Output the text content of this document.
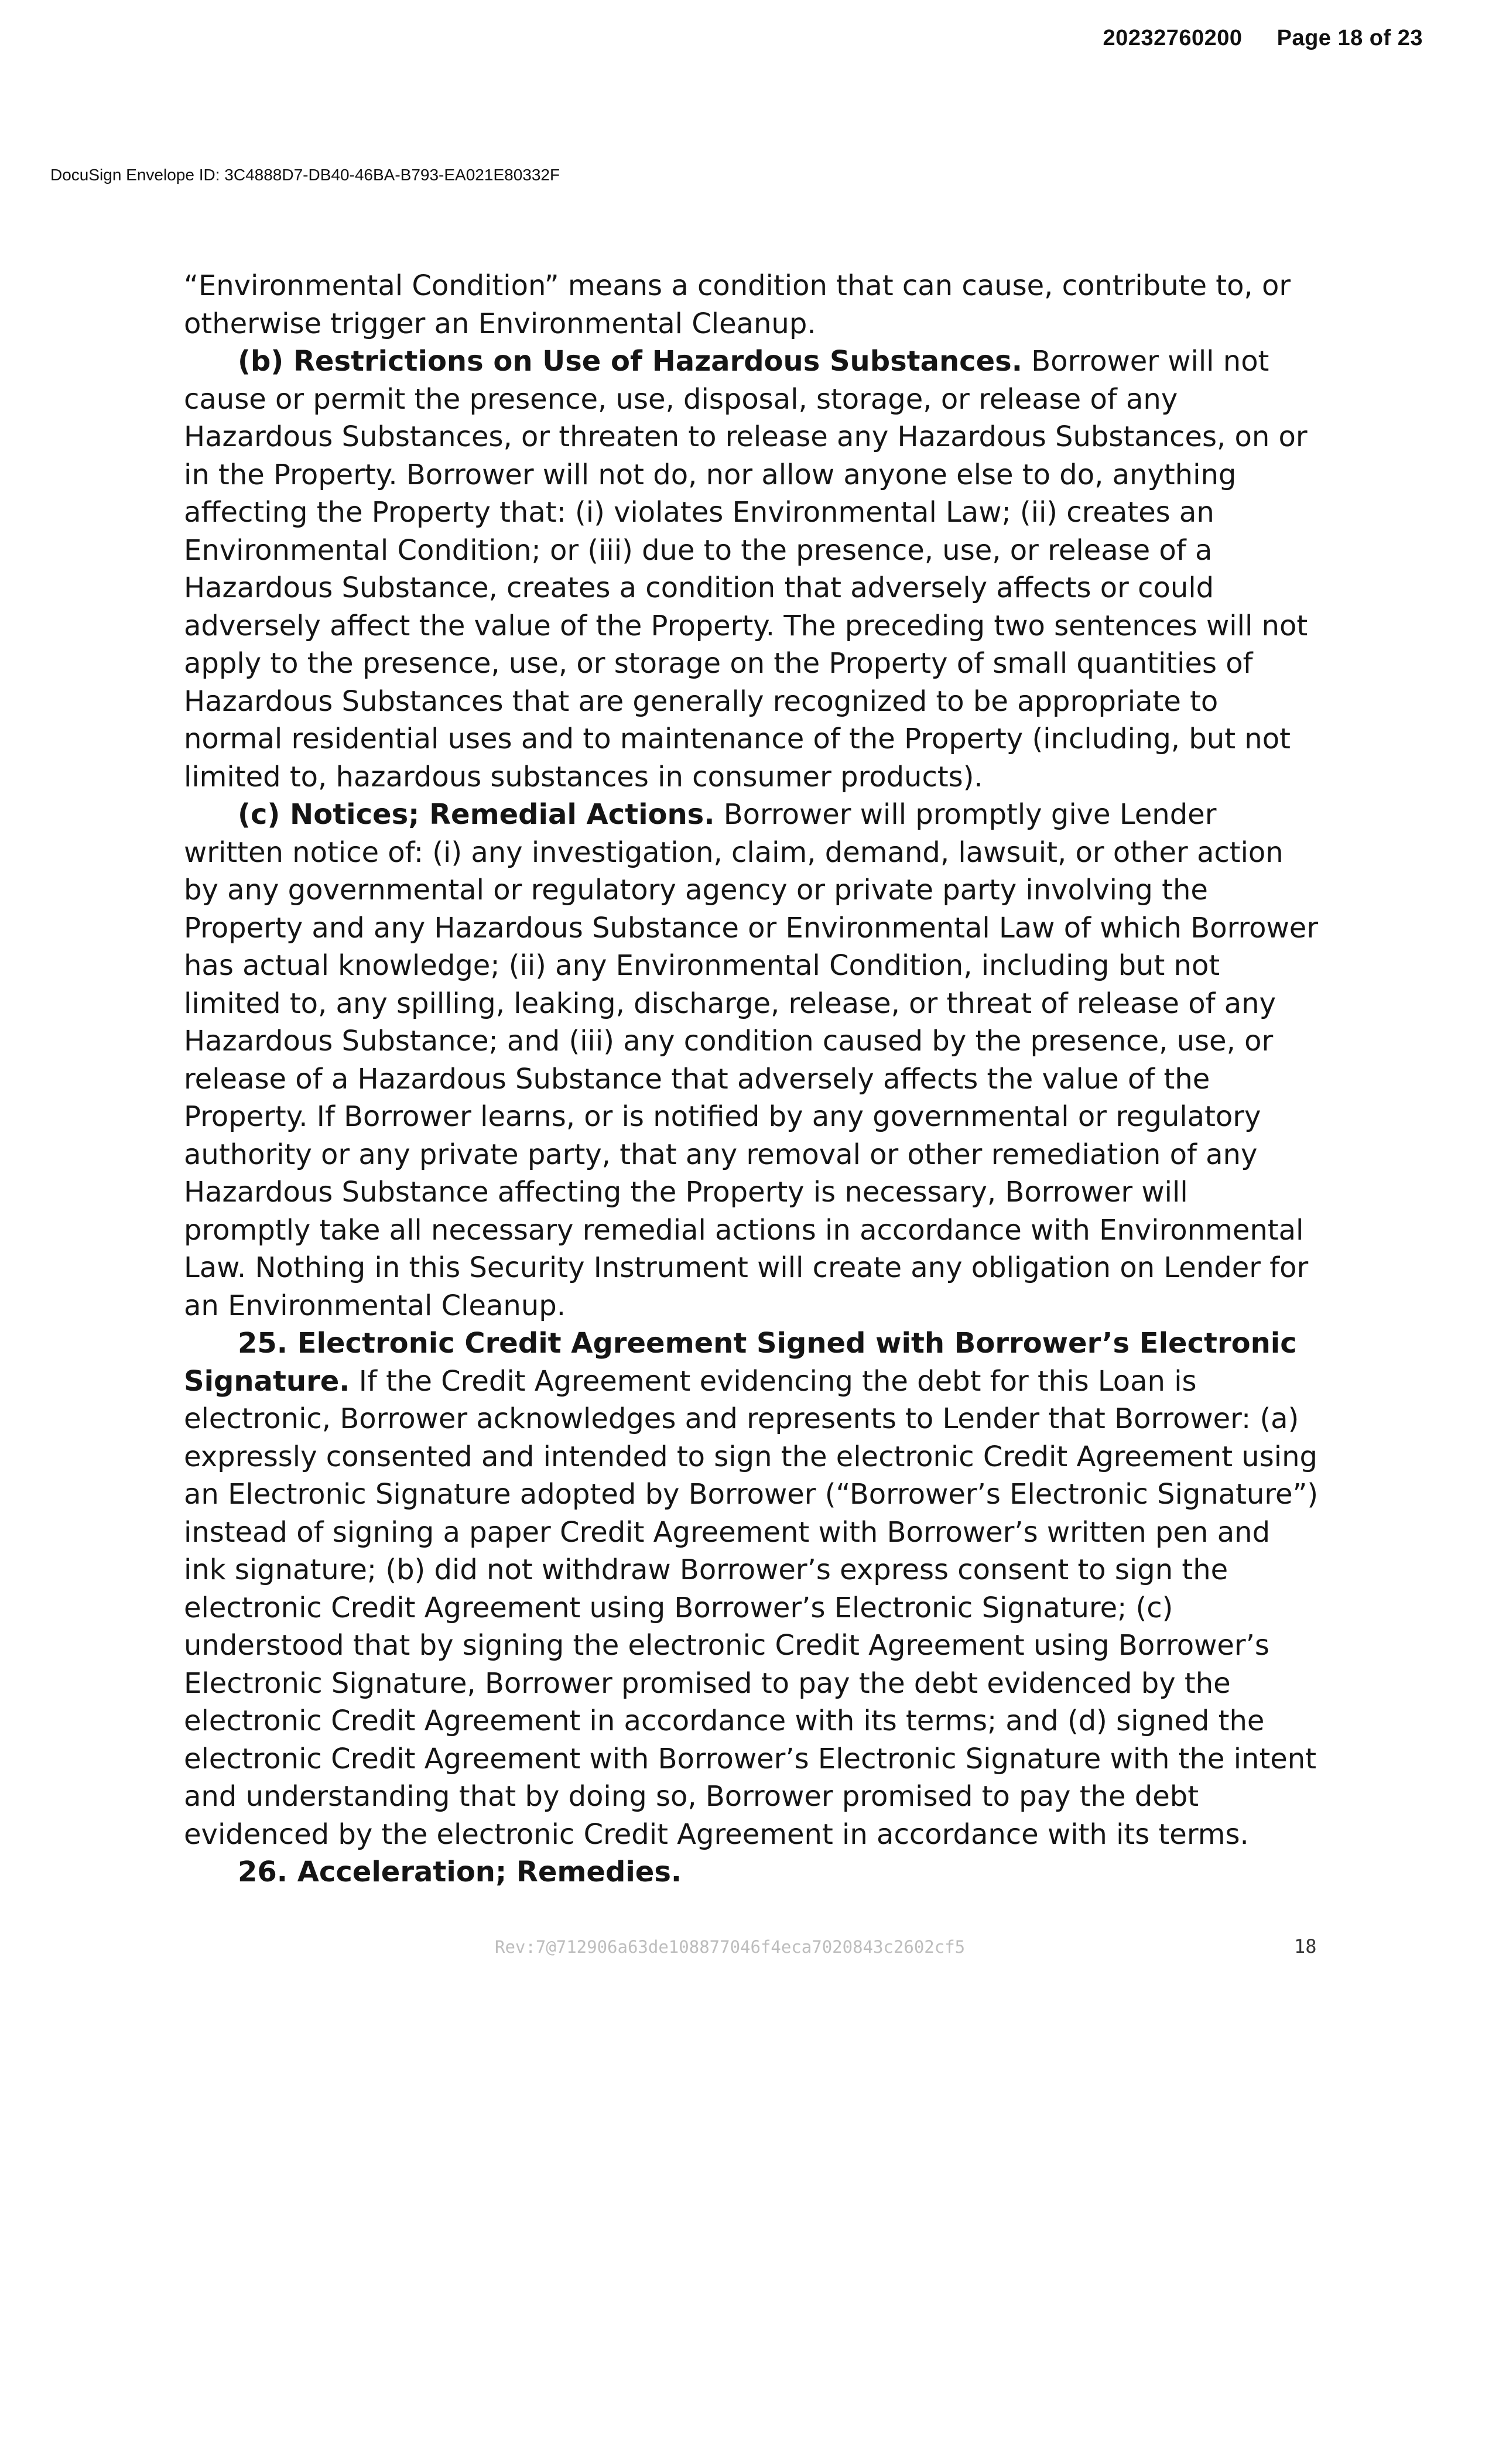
20232760200 Page 18 of 23
DocuSign Envelope ID: 3C4888D7-DB40-46BA-B793-EA021E80332F

“Environmental Condition” means a condition that can cause, contribute to, or otherwise trigger an Environmental Cleanup.

(b) Restrictions on Use of Hazardous Substances. Borrower will not cause or permit the presence, use, disposal, storage, or release of any Hazardous Substances, or threaten to release any Hazardous Substances, on or in the Property. Borrower will not do, nor allow anyone else to do, anything affecting the Property that: (i) violates Environmental Law; (ii) creates an Environmental Condition; or (iii) due to the presence, use, or release of a Hazardous Substance, creates a condition that adversely affects or could adversely affect the value of the Property. The preceding two sentences will not apply to the presence, use, or storage on the Property of small quantities of Hazardous Substances that are generally recognized to be appropriate to normal residential uses and to maintenance of the Property (including, but not limited to, hazardous substances in consumer products).

(c) Notices; Remedial Actions. Borrower will promptly give Lender written notice of: (i) any investigation, claim, demand, lawsuit, or other action by any governmental or regulatory agency or private party involving the Property and any Hazardous Substance or Environmental Law of which Borrower has actual knowledge; (ii) any Environmental Condition, including but not limited to, any spilling, leaking, discharge, release, or threat of release of any Hazardous Substance; and (iii) any condition caused by the presence, use, or release of a Hazardous Substance that adversely affects the value of the Property. If Borrower learns, or is notified by any governmental or regulatory authority or any private party, that any removal or other remediation of any Hazardous Substance affecting the Property is necessary, Borrower will promptly take all necessary remedial actions in accordance with Environmental Law. Nothing in this Security Instrument will create any obligation on Lender for an Environmental Cleanup.

25. Electronic Credit Agreement Signed with Borrower’s Electronic Signature. If the Credit Agreement evidencing the debt for this Loan is electronic, Borrower acknowledges and represents to Lender that Borrower: (a) expressly consented and intended to sign the electronic Credit Agreement using an Electronic Signature adopted by Borrower (“Borrower’s Electronic Signature”) instead of signing a paper Credit Agreement with Borrower’s written pen and ink signature; (b) did not withdraw Borrower’s express consent to sign the electronic Credit Agreement using Borrower’s Electronic Signature; (c) understood that by signing the electronic Credit Agreement using Borrower’s Electronic Signature, Borrower promised to pay the debt evidenced by the electronic Credit Agreement in accordance with its terms; and (d) signed the electronic Credit Agreement with Borrower’s Electronic Signature with the intent and understanding that by doing so, Borrower promised to pay the debt evidenced by the electronic Credit Agreement in accordance with its terms.

26. Acceleration; Remedies.

Rev:7@712906a63de108877046f4eca7020843c2602cf5	18
